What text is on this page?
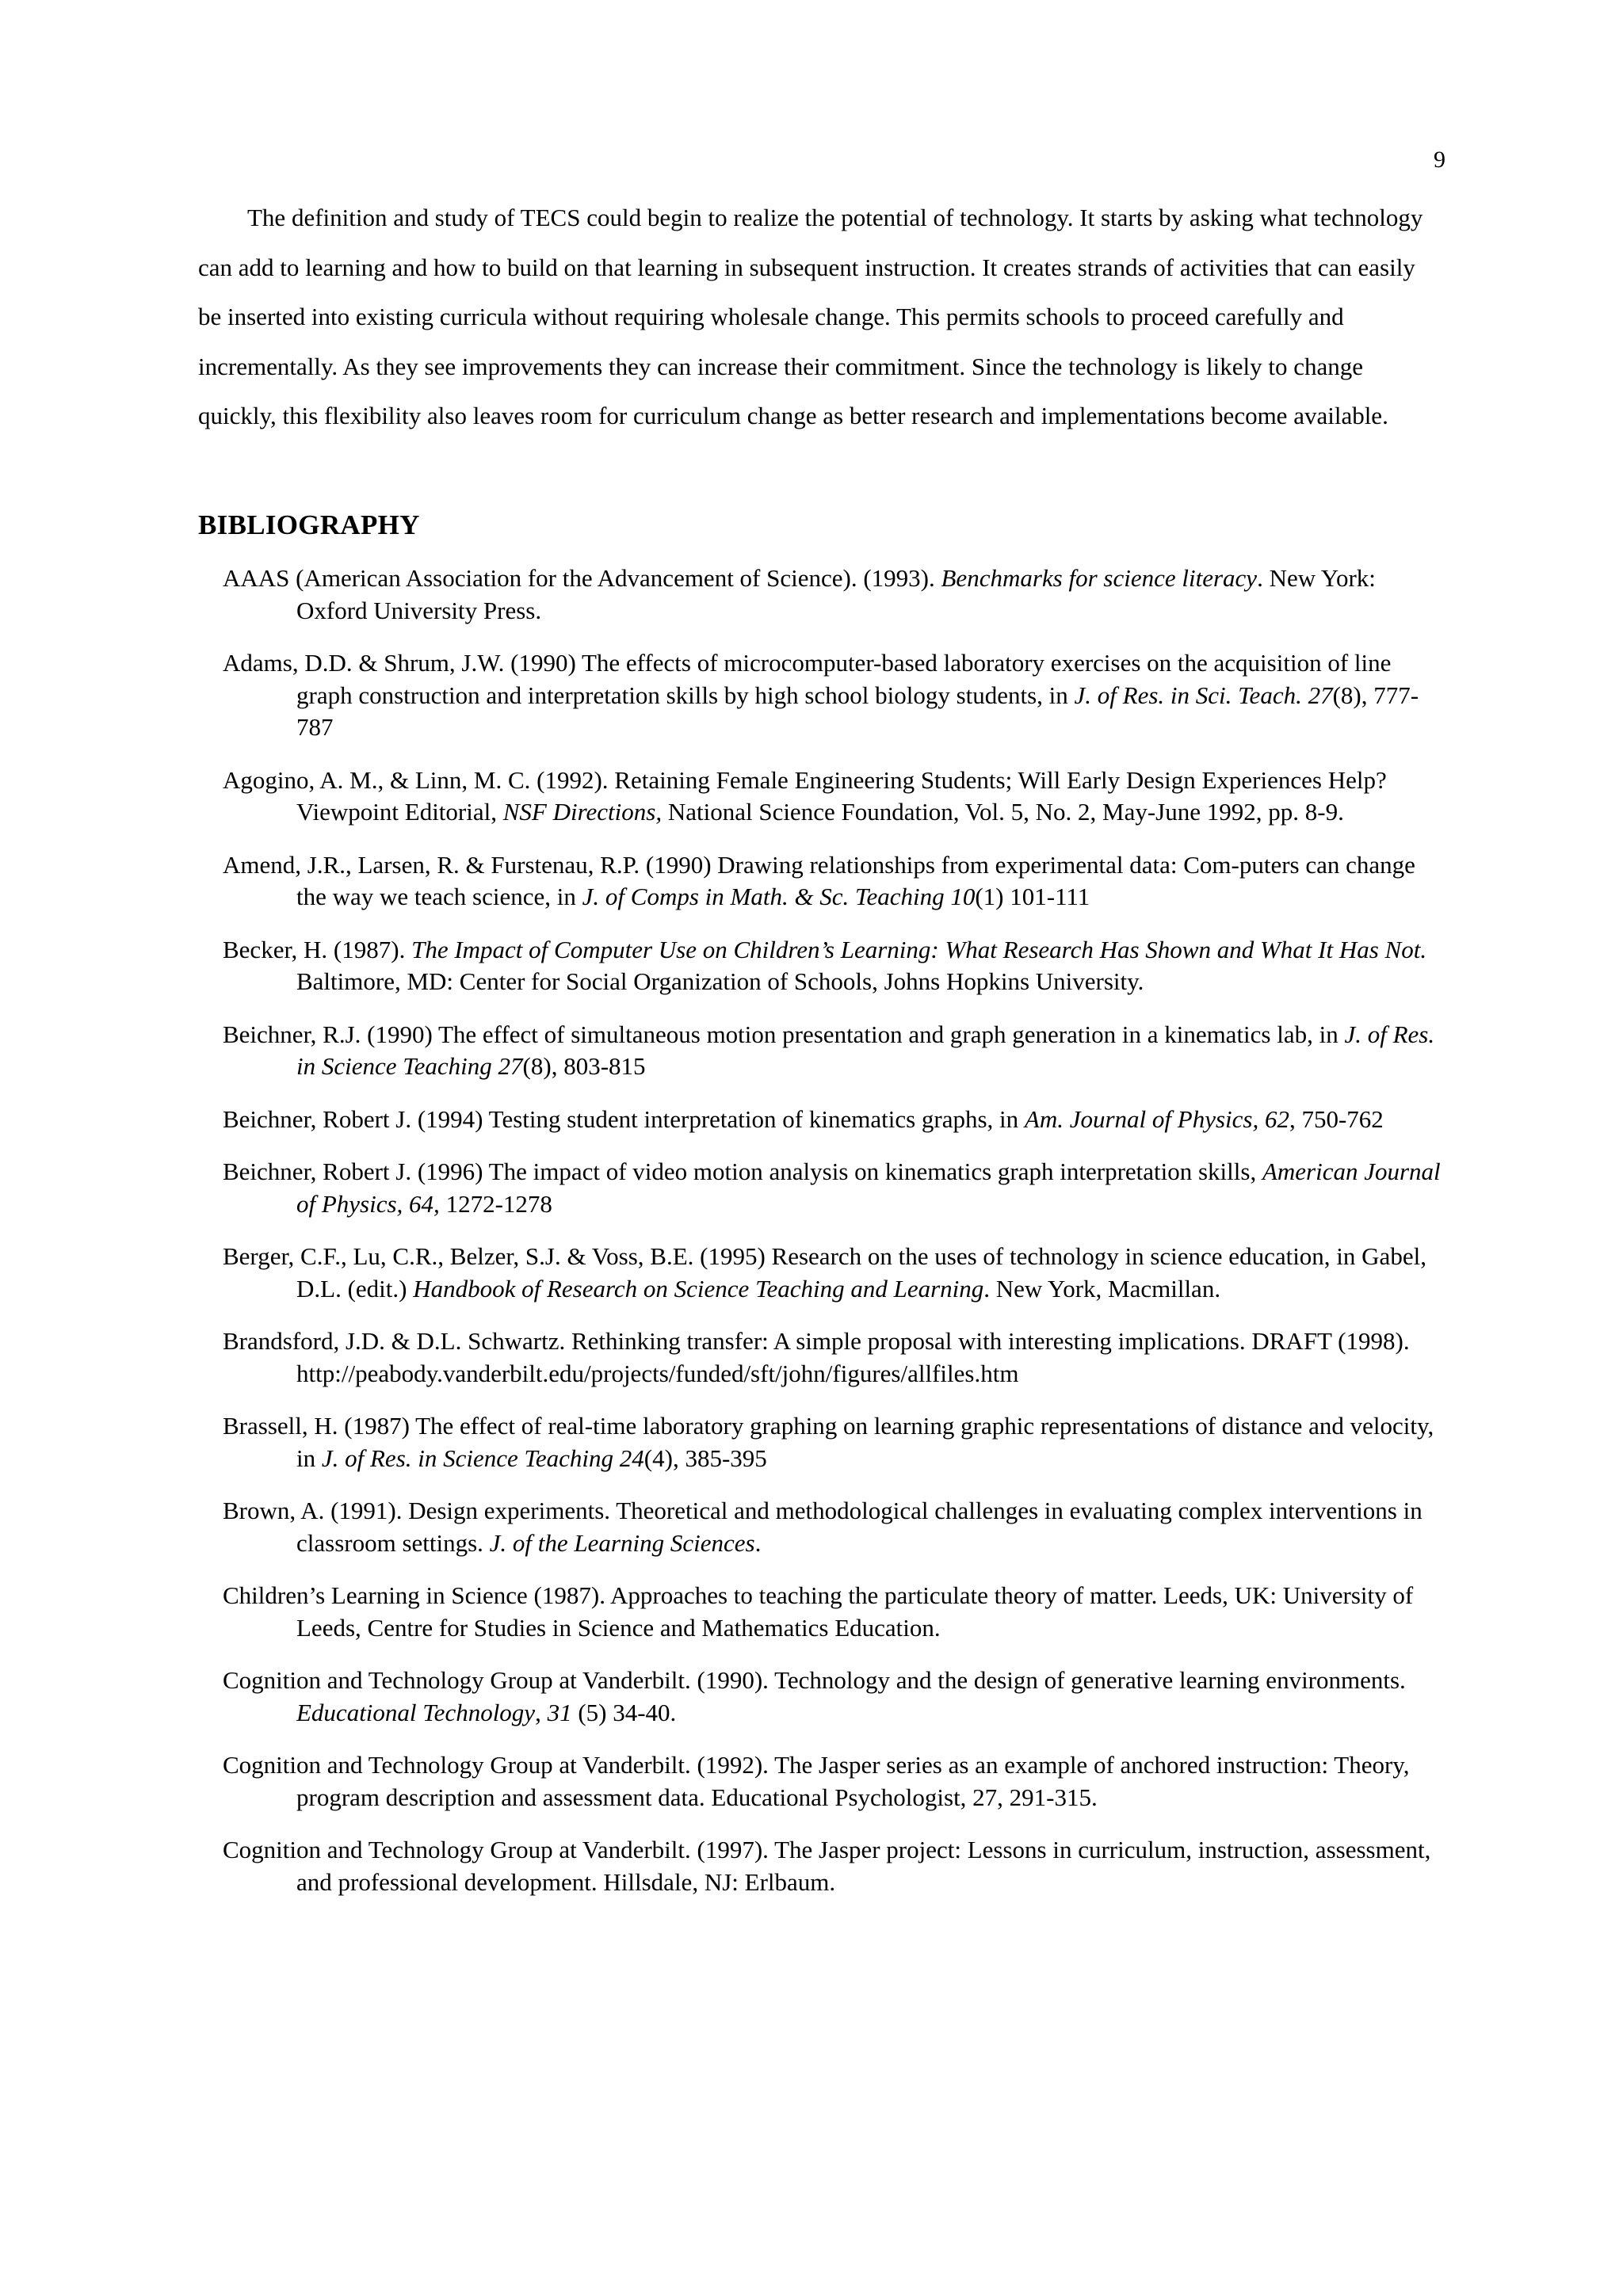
9

The definition and study of TECS could begin to realize the potential of technology. It starts by asking what technology can add to learning and how to build on that learning in subsequent instruction. It creates strands of activities that can easily be inserted into existing curricula without requiring wholesale change. This permits schools to proceed carefully and incrementally. As they see improvements they can increase their commitment. Since the technology is likely to change quickly, this flexibility also leaves room for curriculum change as better research and implementations become available.

BIBLIOGRAPHY
AAAS (American Association for the Advancement of Science). (1993). Benchmarks for science literacy. New York: Oxford University Press.
Adams, D.D. & Shrum, J.W. (1990) The effects of microcomputer-based laboratory exercises on the acquisition of line graph construction and interpretation skills by high school biology students, in J. of Res. in Sci. Teach. 27(8), 777-787
Agogino, A. M., & Linn, M. C. (1992). Retaining Female Engineering Students; Will Early Design Experiences Help? Viewpoint Editorial, NSF Directions, National Science Foundation, Vol. 5, No. 2, May-June 1992, pp. 8-9.
Amend, J.R., Larsen, R. & Furstenau, R.P. (1990) Drawing relationships from experimental data: Com-puters can change the way we teach science, in J. of Comps in Math. & Sc. Teaching 10(1) 101-111
Becker, H. (1987). The Impact of Computer Use on Children’s Learning: What Research Has Shown and What It Has Not. Baltimore, MD: Center for Social Organization of Schools, Johns Hopkins University.
Beichner, R.J. (1990) The effect of simultaneous motion presentation and graph generation in a kinematics lab, in J. of Res. in Science Teaching 27(8), 803-815
Beichner, Robert J. (1994) Testing student interpretation of kinematics graphs, in Am. Journal of Physics, 62, 750-762
Beichner, Robert J. (1996) The impact of video motion analysis on kinematics graph interpretation skills, American Journal of Physics, 64, 1272-1278
Berger, C.F., Lu, C.R., Belzer, S.J. & Voss, B.E. (1995) Research on the uses of technology in science education, in Gabel, D.L. (edit.) Handbook of Research on Science Teaching and Learning. New York, Macmillan.
Brandsford, J.D. & D.L. Schwartz. Rethinking transfer: A simple proposal with interesting implications. DRAFT (1998). http://peabody.vanderbilt.edu/projects/funded/sft/john/figures/allfiles.htm
Brassell, H. (1987) The effect of real-time laboratory graphing on learning graphic representations of distance and velocity, in J. of Res. in Science Teaching 24(4), 385-395
Brown, A. (1991). Design experiments. Theoretical and methodological challenges in evaluating complex interventions in classroom settings. J. of the Learning Sciences.
Children’s Learning in Science (1987). Approaches to teaching the particulate theory of matter. Leeds, UK: University of Leeds, Centre for Studies in Science and Mathematics Education.
Cognition and Technology Group at Vanderbilt. (1990). Technology and the design of generative learning environments. Educational Technology, 31 (5) 34-40.
Cognition and Technology Group at Vanderbilt. (1992). The Jasper series as an example of anchored instruction: Theory, program description and assessment data. Educational Psychologist, 27, 291-315.
Cognition and Technology Group at Vanderbilt. (1997). The Jasper project: Lessons in curriculum, instruction, assessment, and professional development. Hillsdale, NJ: Erlbaum.
